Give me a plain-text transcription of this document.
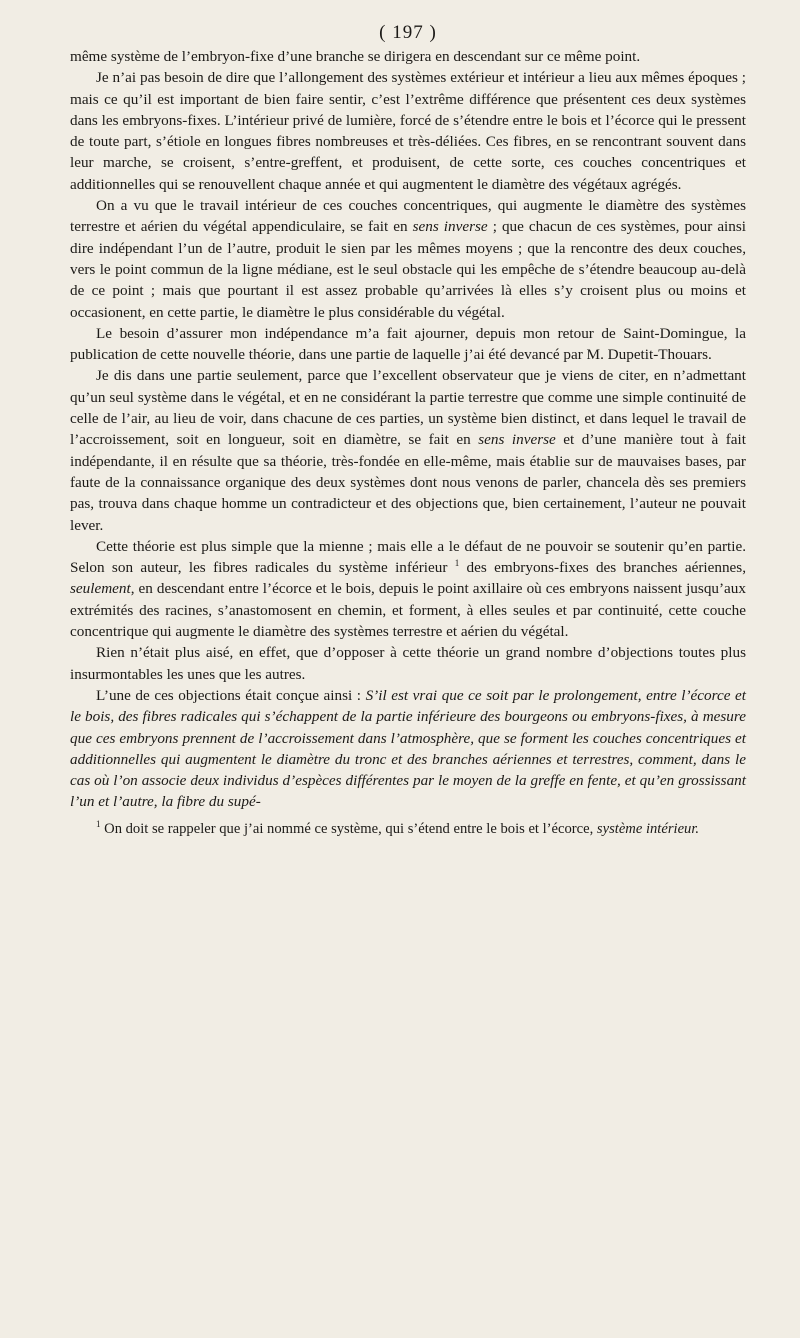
( 197 )

même système de l’embryon-fixe d’une branche se dirigera en descendant sur ce même point.

Je n’ai pas besoin de dire que l’allongement des systèmes extérieur et intérieur a lieu aux mêmes époques ; mais ce qu’il est important de bien faire sentir, c’est l’extrême différence que présentent ces deux systèmes dans les embryons-fixes. L’intérieur privé de lumière, forcé de s’étendre entre le bois et l’écorce qui le pressent de toute part, s’étiole en longues fibres nombreuses et très-déliées. Ces fibres, en se rencontrant souvent dans leur marche, se croisent, s’entre-greffent, et produisent, de cette sorte, ces couches concentriques et additionnelles qui se renouvellent chaque année et qui augmentent le diamètre des végétaux agrégés.

On a vu que le travail intérieur de ces couches concentriques, qui augmente le diamètre des systèmes terrestre et aérien du végétal appendiculaire, se fait en sens inverse ; que chacun de ces systèmes, pour ainsi dire indépendant l’un de l’autre, produit le sien par les mêmes moyens ; que la rencontre des deux couches, vers le point commun de la ligne médiane, est le seul obstacle qui les empêche de s’étendre beaucoup au-delà de ce point ; mais que pourtant il est assez probable qu’arrivées là elles s’y croisent plus ou moins et occasionent, en cette partie, le diamètre le plus considérable du végétal.

Le besoin d’assurer mon indépendance m’a fait ajourner, depuis mon retour de Saint-Domingue, la publication de cette nouvelle théorie, dans une partie de laquelle j’ai été devancé par M. Dupetit-Thouars.

Je dis dans une partie seulement, parce que l’excellent observateur que je viens de citer, en n’admettant qu’un seul système dans le végétal, et en ne considérant la partie terrestre que comme une simple continuité de celle de l’air, au lieu de voir, dans chacune de ces parties, un système bien distinct, et dans lequel le travail de l’accroissement, soit en longueur, soit en diamètre, se fait en sens inverse et d’une manière tout à fait indépendante, il en résulte que sa théorie, très-fondée en elle-même, mais établie sur de mauvaises bases, par faute de la connaissance organique des deux systèmes dont nous venons de parler, chancela dès ses premiers pas, trouva dans chaque homme un contradicteur et des objections que, bien certainement, l’auteur ne pouvait lever.

Cette théorie est plus simple que la mienne ; mais elle a le défaut de ne pouvoir se soutenir qu’en partie. Selon son auteur, les fibres radicales du système inférieur $^1$ des embryons-fixes des branches aériennes, seulement, en descendant entre l’écorce et le bois, depuis le point axillaire où ces embryons naissent jusqu’aux extrémités des racines, s’anastomosent en chemin, et forment, à elles seules et par continuité, cette couche concentrique qui augmente le diamètre des systèmes terrestre et aérien du végétal.

Rien n’était plus aisé, en effet, que d’opposer à cette théorie un grand nombre d’objections toutes plus insurmontables les unes que les autres.

L’une de ces objections était conçue ainsi : S’il est vrai que ce soit par le prolongement, entre l’écorce et le bois, des fibres radicales qui s’échappent de la partie inférieure des bourgeons ou embryons-fixes, à mesure que ces embryons prennent de l’accroissement dans l’atmosphère, que se forment les couches concentriques et additionnelles qui augmentent le diamètre du tronc et des branches aériennes et terrestres, comment, dans le cas où l’on associe deux individus d’espèces différentes par le moyen de la greffe en fente, et qu’en grossissant l’un et l’autre, la fibre du supé-

$^1$ On doit se rappeler que j’ai nommé ce système, qui s’étend entre le bois et l’écorce, système intérieur.
